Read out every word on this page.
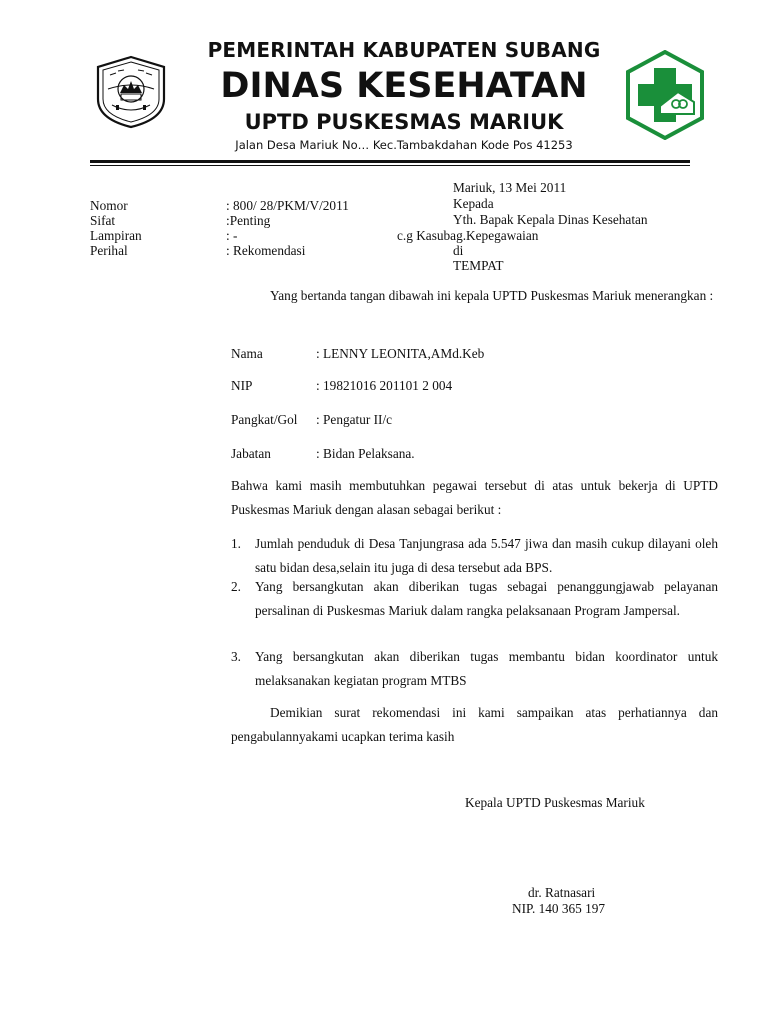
PEMERINTAH KABUPATEN SUBANG
DINAS KESEHATAN
UPTD PUSKESMAS MARIUK
Jalan Desa Mariuk No… Kec.Tambakdahan Kode Pos 41253
Mariuk, 13 Mei 2011
Kepada
Yth. Bapak Kepala Dinas Kesehatan
c.g Kasubag.Kepegawaian
di
TEMPAT
Nomor	: 800/ 28/PKM/V/2011
Sifat	:Penting
Lampiran	: -
Perihal	: Rekomendasi
Yang bertanda tangan dibawah ini kepala UPTD Puskesmas Mariuk menerangkan :
Nama	: LENNY LEONITA,AMd.Keb
NIP	: 19821016 201101 2 004
Pangkat/Gol : Pengatur II/c
Jabatan	: Bidan Pelaksana.
Bahwa kami masih membutuhkan pegawai tersebut di atas untuk bekerja di UPTD Puskesmas Mariuk dengan alasan sebagai berikut :
1. Jumlah penduduk di Desa Tanjungrasa ada 5.547 jiwa dan masih cukup dilayani oleh satu bidan desa,selain itu juga di desa tersebut ada BPS.
2. Yang bersangkutan akan diberikan tugas sebagai penanggungjawab pelayanan persalinan di Puskesmas Mariuk dalam rangka pelaksanaan Program Jampersal.
3. Yang bersangkutan akan diberikan tugas membantu bidan koordinator untuk melaksanakan kegiatan program MTBS
Demikian surat rekomendasi ini kami sampaikan atas perhatiannya dan pengabulannyakami ucapkan terima kasih
Kepala UPTD Puskesmas Mariuk
dr. Ratnasari
NIP. 140 365 197
